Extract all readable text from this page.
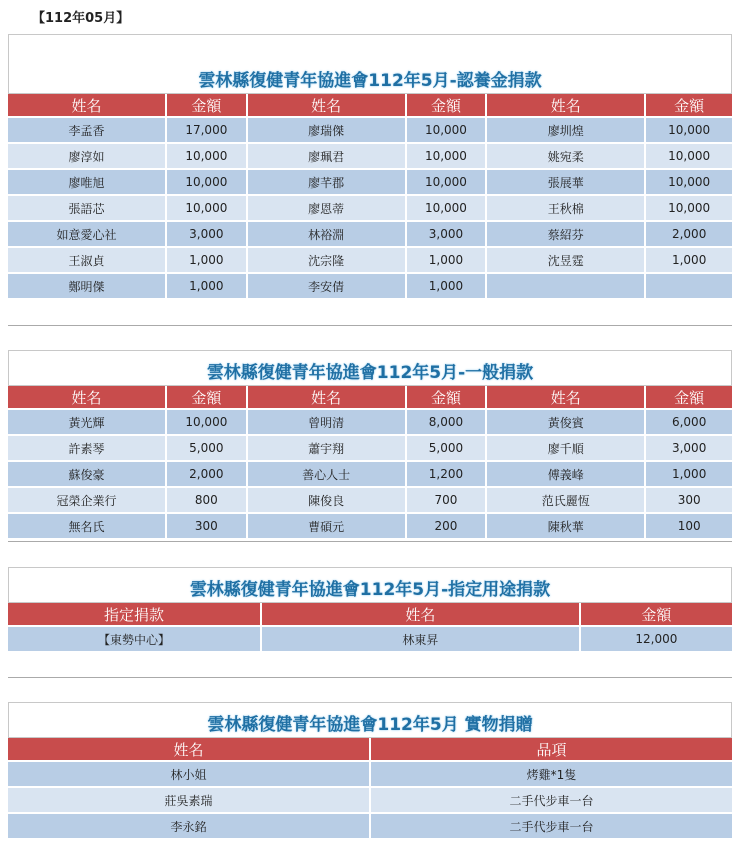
【112年05月】
雲林縣復健青年協進會112年5月-認養金捐款
姓名	金額	姓名	金額	姓名	金額
李孟香	17,000	廖瑞傑	10,000	廖圳煌	10,000
廖淳如	10,000	廖珮君	10,000	姚宛柔	10,000
廖唯旭	10,000	廖芊郡	10,000	張展華	10,000
張語芯	10,000	廖恩蒂	10,000	王秋棉	10,000
如意愛心社	3,000	林裕淵	3,000	蔡紹芬	2,000
王淑貞	1,000	沈宗隆	1,000	沈昱霆	1,000
鄭明傑	1,000	李安倩	1,000		
雲林縣復健青年協進會112年5月-一般捐款
姓名	金額	姓名	金額	姓名	金額
黃光輝	10,000	曾明清	8,000	黃俊賓	6,000
許素琴	5,000	蕭宇翔	5,000	廖千順	3,000
蘇俊豪	2,000	善心人士	1,200	傅義峰	1,000
冠榮企業行	800	陳俊良	700	范氏麗恆	300
無名氏	300	曹碩元	200	陳秋華	100
雲林縣復健青年協進會112年5月-指定用途捐款
指定捐款	姓名	金額
【東勢中心】	林東昇	12,000
雲林縣復健青年協進會112年5月 實物捐贈
姓名	品項
林小姐	烤雞*1隻
莊吳素瑞	二手代步車一台
李永銘	二手代步車一台
